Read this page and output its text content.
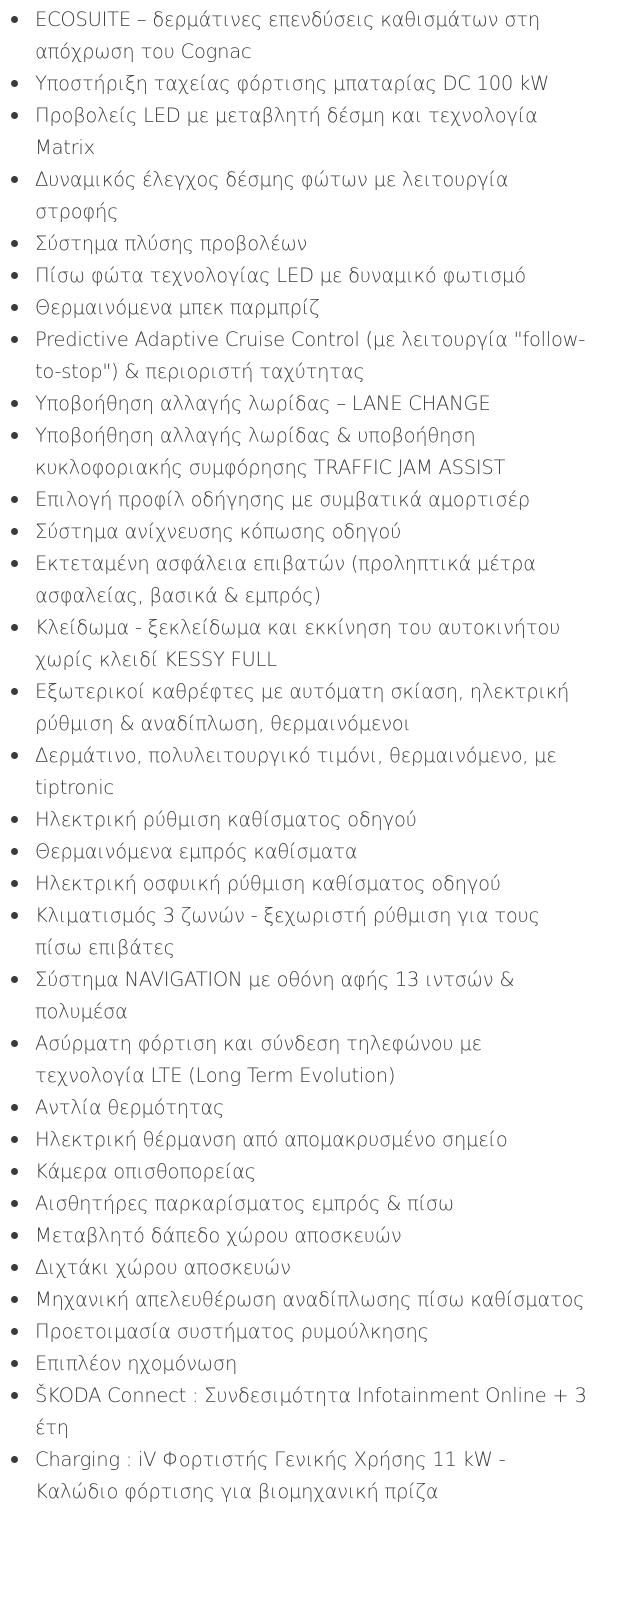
ECOSUITE – δερμάτινες επενδύσεις καθισμάτων στη απόχρωση του Cognac
Υποστήριξη ταχείας φόρτισης μπαταρίας DC 100 kW
Προβολείς LED με μεταβλητή δέσμη και τεχνολογία Matrix
Δυναμικός έλεγχος δέσμης φώτων με λειτουργία στροφής
Σύστημα πλύσης προβολέων
Πίσω φώτα τεχνολογίας LED με δυναμικό φωτισμό
Θερμαινόμενα μπεκ παρμπρίζ
Predictive Adaptive Cruise Control (με λειτουργία "follow-to-stop") & περιοριστή ταχύτητας
Υποβοήθηση αλλαγής λωρίδας – LANE CHANGE
Υποβοήθηση αλλαγής λωρίδας & υποβοήθηση κυκλοφοριακής συμφόρησης TRAFFIC JAM ASSIST
Επιλογή προφίλ οδήγησης με συμβατικά αμορτισέρ
Σύστημα ανίχνευσης κόπωσης οδηγού
Εκτεταμένη ασφάλεια επιβατών (προληπτικά μέτρα ασφαλείας, βασικά & εμπρός)
Κλείδωμα - ξεκλείδωμα και εκκίνηση του αυτοκινήτου χωρίς κλειδί KESSY FULL
Εξωτερικοί καθρέφτες με αυτόματη σκίαση, ηλεκτρική ρύθμιση & αναδίπλωση, θερμαινόμενοι
Δερμάτινο, πολυλειτουργικό τιμόνι, θερμαινόμενο, με tiptronic
Ηλεκτρική ρύθμιση καθίσματος οδηγού
Θερμαινόμενα εμπρός καθίσματα
Ηλεκτρική οσφυική ρύθμιση καθίσματος οδηγού
Κλιματισμός 3 ζωνών - ξεχωριστή ρύθμιση για τους πίσω επιβάτες
Σύστημα NAVIGATION με οθόνη αφής 13 ιντσών & πολυμέσα
Ασύρματη φόρτιση και σύνδεση τηλεφώνου με τεχνολογία LTE (Long Term Evolution)
Αντλία θερμότητας
Ηλεκτρική θέρμανση από απομακρυσμένο σημείο
Κάμερα οπισθοπορείας
Αισθητήρες παρκαρίσματος εμπρός & πίσω
Μεταβλητό δάπεδο χώρου αποσκευών
Διχτάκι χώρου αποσκευών
Μηχανική απελευθέρωση αναδίπλωσης πίσω καθίσματος
Προετοιμασία συστήματος ρυμούλκησης
Επιπλέον ηχομόνωση
ŠKODA Connect : Συνδεσιμότητα Infotainment Online + 3 έτη
Charging : iV Φορτιστής Γενικής Χρήσης 11 kW - Καλώδιο φόρτισης για βιομηχανική πρίζα
